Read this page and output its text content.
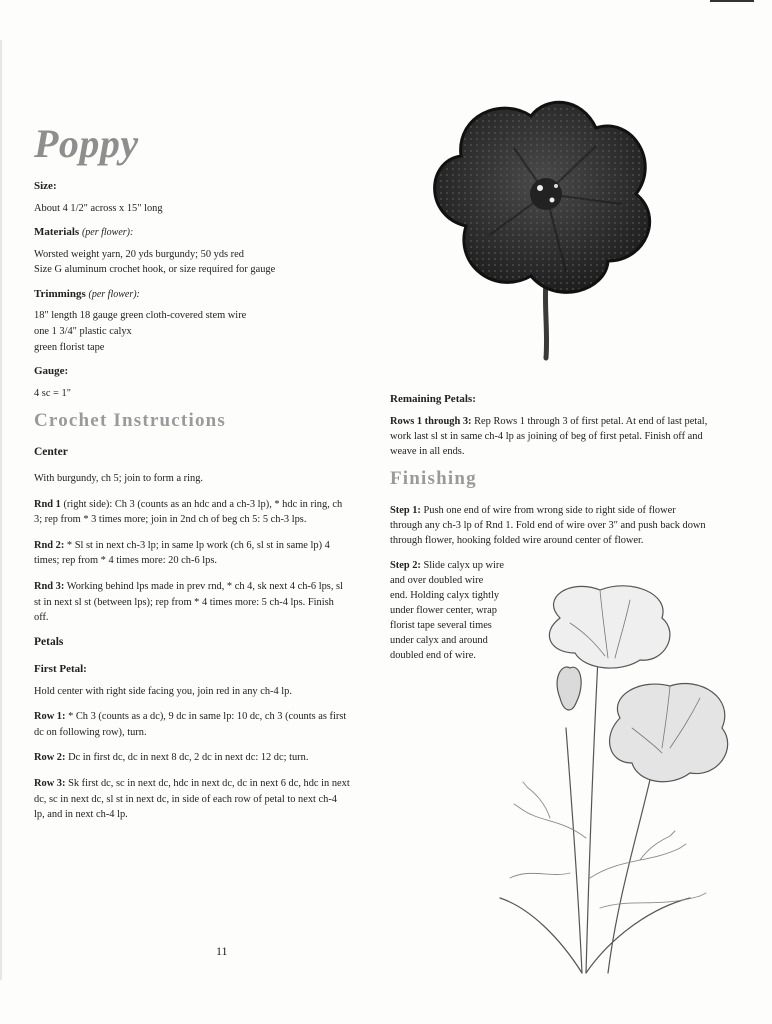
Poppy
Size:
About 4 1/2" across x 15" long
Materials (per flower):
Worsted weight yarn, 20 yds burgundy; 50 yds red
Size G aluminum crochet hook, or size required for gauge
Trimmings (per flower):
18" length 18 gauge green cloth-covered stem wire
one 1 3/4" plastic calyx
green florist tape
Gauge:
4 sc = 1"
Crochet Instructions
Center
With burgundy, ch 5; join to form a ring.
Rnd 1 (right side): Ch 3 (counts as an hdc and a ch-3 lp), * hdc in ring, ch 3; rep from * 3 times more; join in 2nd ch of beg ch 5: 5 ch-3 lps.
Rnd 2: * Sl st in next ch-3 lp; in same lp work (ch 6, sl st in same lp) 4 times; rep from * 4 times more: 20 ch-6 lps.
Rnd 3: Working behind lps made in prev rnd, * ch 4, sk next 4 ch-6 lps, sl st in next sl st (between lps); rep from * 4 times more: 5 ch-4 lps. Finish off.
Petals
First Petal:
Hold center with right side facing you, join red in any ch-4 lp.
Row 1: * Ch 3 (counts as a dc), 9 dc in same lp: 10 dc, ch 3 (counts as first dc on following row), turn.
Row 2: Dc in first dc, dc in next 8 dc, 2 dc in next dc: 12 dc; turn.
Row 3: Sk first dc, sc in next dc, hdc in next dc, dc in next 6 dc, hdc in next dc, sc in next dc, sl st in next dc, in side of each row of petal to next ch-4 lp, and in next ch-4 lp.
11
Remaining Petals:
Rows 1 through 3: Rep Rows 1 through 3 of first petal. At end of last petal, work last sl st in same ch-4 lp as joining of beg of first petal. Finish off and weave in all ends.
Finishing
Step 1: Push one end of wire from wrong side to right side of flower through any ch-3 lp of Rnd 1. Fold end of wire over 3" and push back down through flower, hooking folded wire around center of flower.
Step 2: Slide calyx up wire
and over doubled wire
end. Holding calyx tightly
under flower center, wrap
florist tape several times
under calyx and around
doubled end of wire.
